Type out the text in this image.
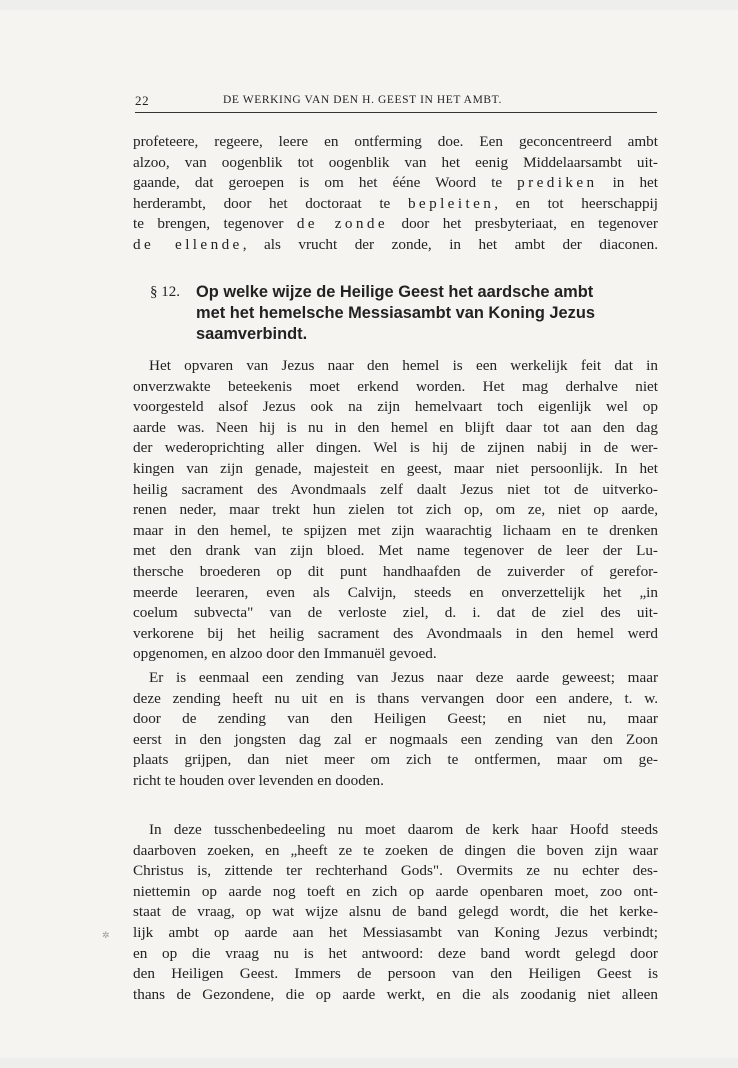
22	DE WERKING VAN DEN H. GEEST IN HET AMBT.
profeteere, regeere, leere en ontferming doe. Een geconcentreerd ambt
alzoo, van oogenblik tot oogenblik van het eenig Middelaarsambt uit-
gaande, dat geroepen is om het ééne Woord te prediken in het
herderambt, door het doctoraat te bepleiten, en tot heerschappij
te brengen, tegenover de zonde door het presbyteriaat, en tegenover
de ellende, als vrucht der zonde, in het ambt der diaconen.
§ 12. Op welke wijze de Heilige Geest het aardsche ambt
met het hemelsche Messiasambt van Koning Jezus
saamverbindt.
Het opvaren van Jezus naar den hemel is een werkelijk feit dat in
onverzwakte beteekenis moet erkend worden. Het mag derhalve niet
voorgesteld alsof Jezus ook na zijn hemelvaart toch eigenlijk wel op
aarde was. Neen hij is nu in den hemel en blijft daar tot aan den dag
der wederoprichting aller dingen. Wel is hij de zijnen nabij in de wer-
kingen van zijn genade, majesteit en geest, maar niet persoonlijk. In het
heilig sacrament des Avondmaals zelf daalt Jezus niet tot de uitverko-
renen neder, maar trekt hun zielen tot zich op, om ze, niet op aarde,
maar in den hemel, te spijzen met zijn waarachtig lichaam en te drenken
met den drank van zijn bloed. Met name tegenover de leer der Lu-
thersche broederen op dit punt handhaafden de zuiverder of gerefor-
meerde leeraren, even als Calvijn, steeds en onverzettelijk het „in
coelum subvecta" van de verloste ziel, d. i. dat de ziel des uit-
verkorene bij het heilig sacrament des Avondmaals in den hemel werd
opgenomen, en alzoo door den Immanuël gevoed.
Er is eenmaal een zending van Jezus naar deze aarde geweest; maar
deze zending heeft nu uit en is thans vervangen door een andere, t. w.
door de zending van den Heiligen Geest; en niet nu, maar
eerst in den jongsten dag zal er nogmaals een zending van den Zoon
plaats grijpen, dan niet meer om zich te ontfermen, maar om ge-
richt te houden over levenden en dooden.
In deze tusschenbedeeling nu moet daarom de kerk haar Hoofd steeds
daarboven zoeken, en „heeft ze te zoeken de dingen die boven zijn waar
Christus is, zittende ter rechterhand Gods". Overmits ze nu echter des-
niettemin op aarde nog toeft en zich op aarde openbaren moet, zoo ont-
staat de vraag, op wat wijze alsnu de band gelegd wordt, die het kerke-
lijk ambt op aarde aan het Messiasambt van Koning Jezus verbindt;
en op die vraag nu is het antwoord: deze band wordt gelegd door
den Heiligen Geest. Immers de persoon van den Heiligen Geest is
thans de Gezondene, die op aarde werkt, en die als zoodanig niet alleen
✲
